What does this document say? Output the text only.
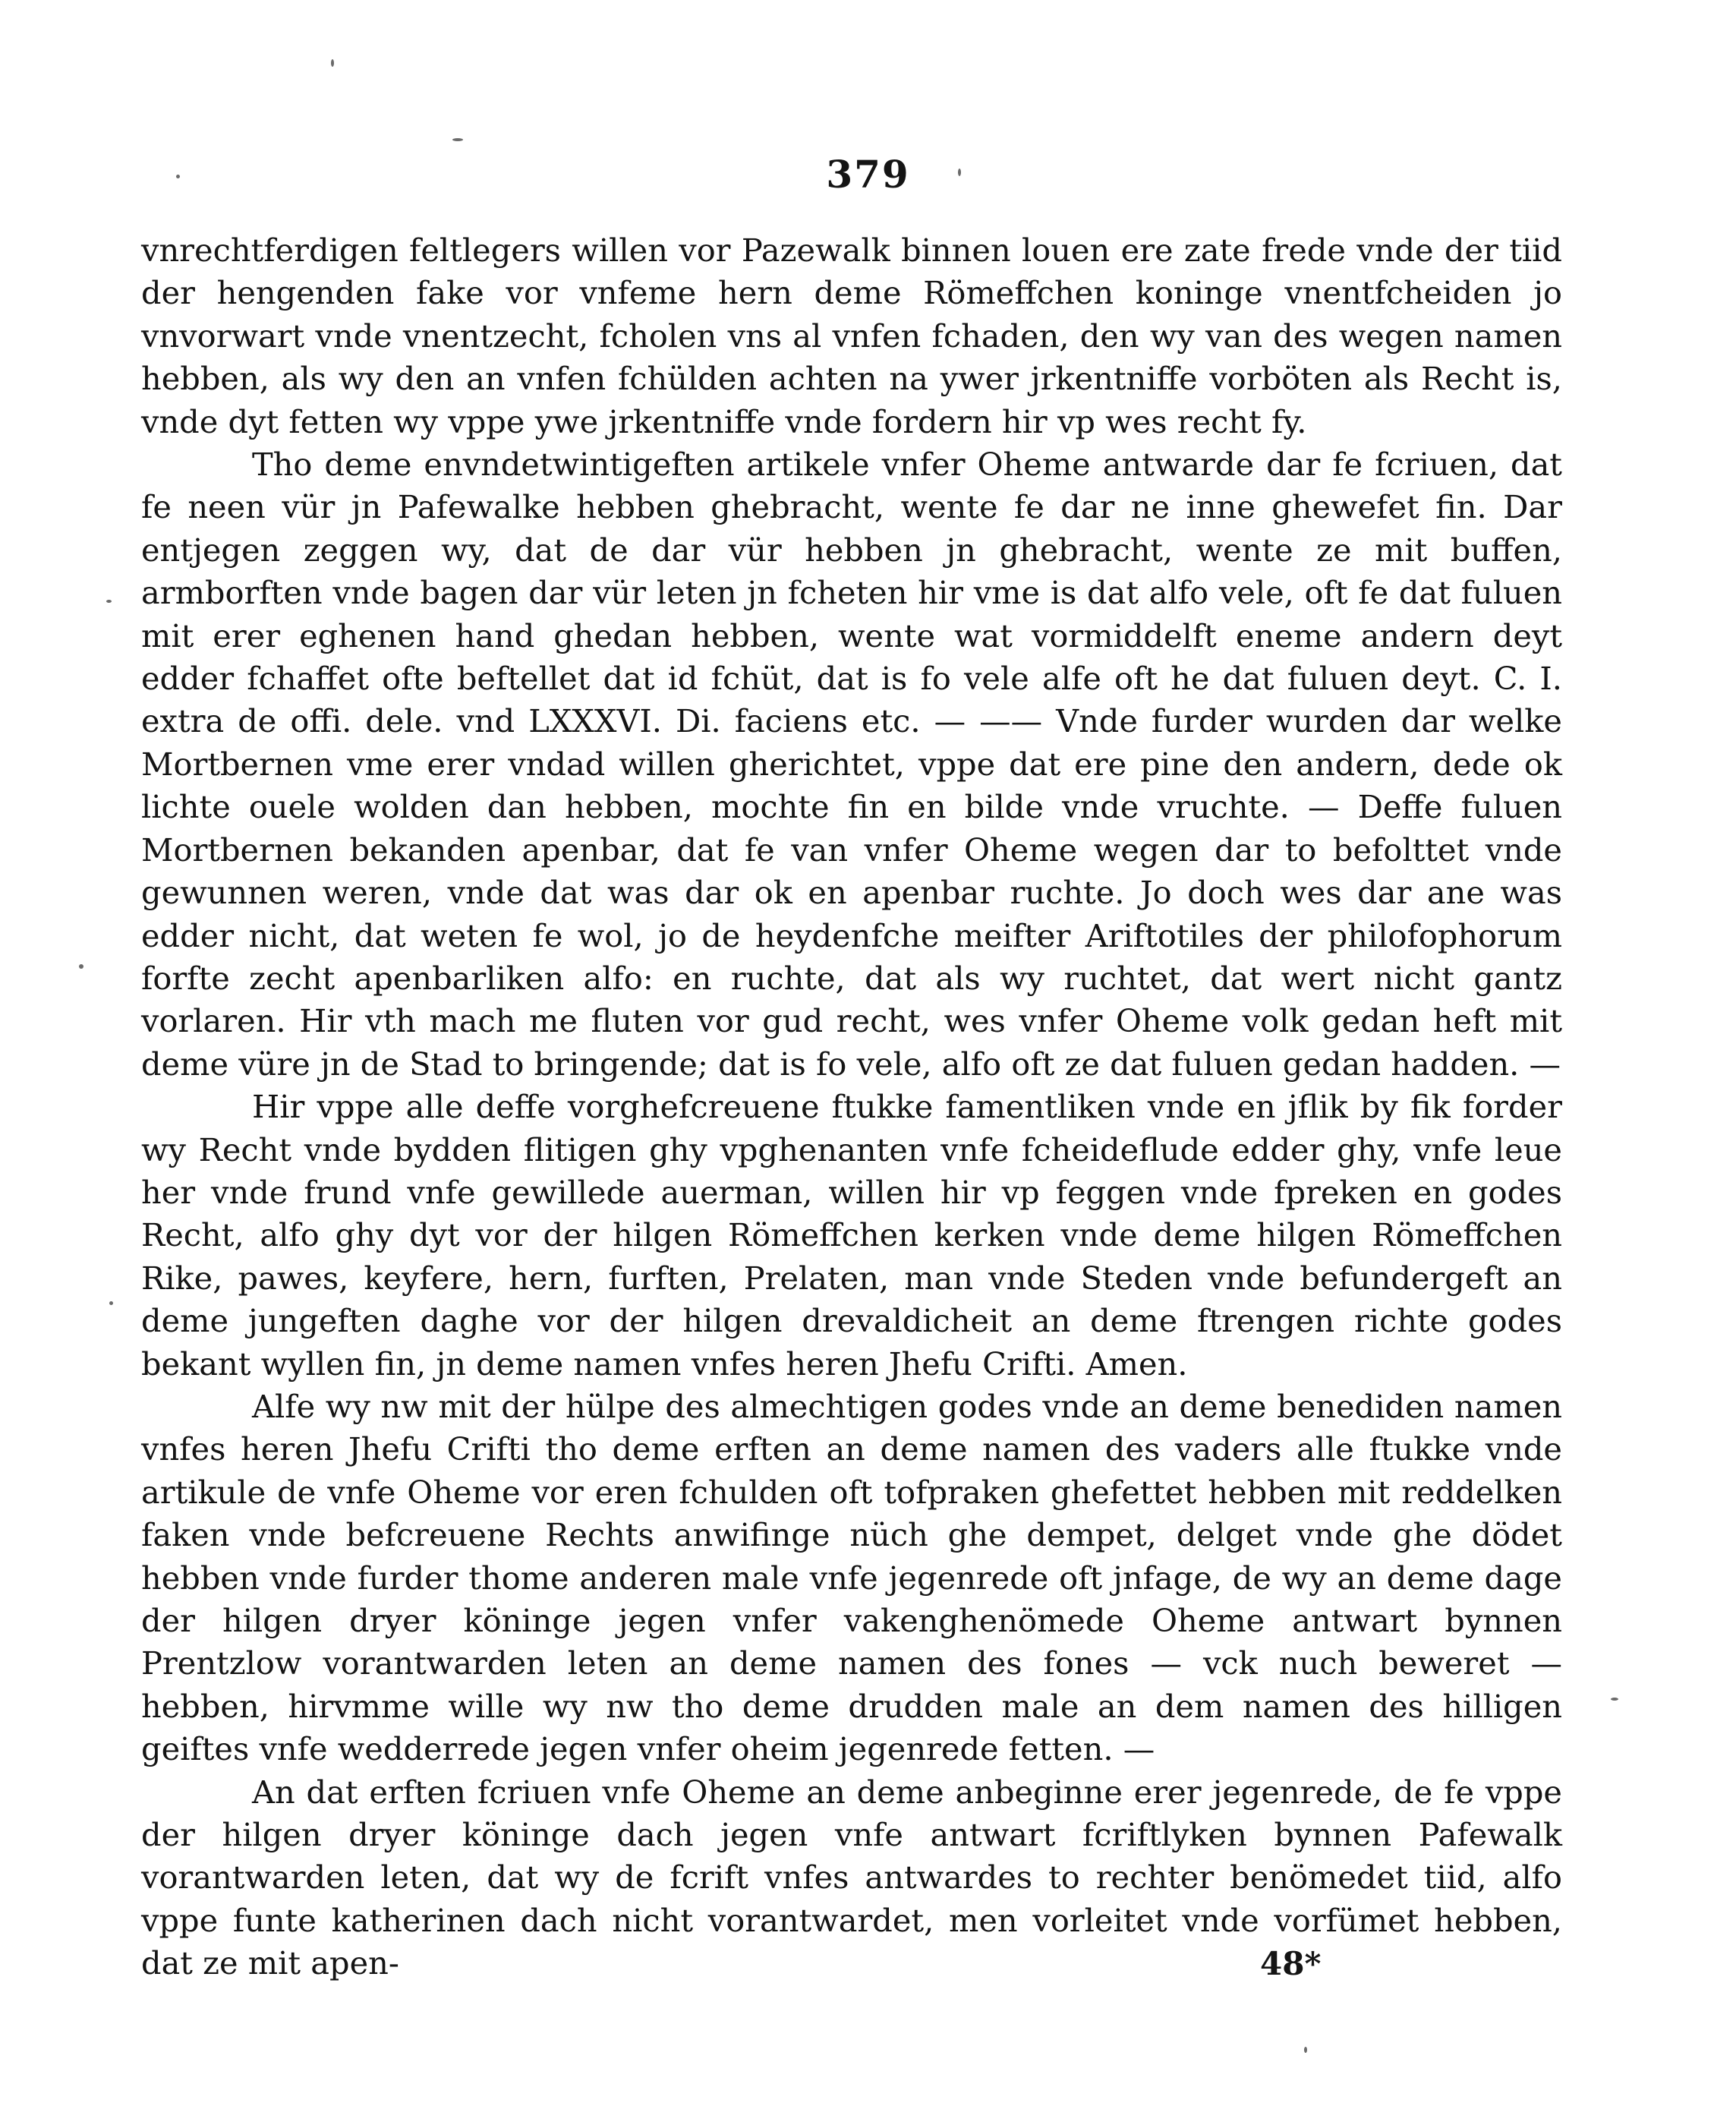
379

vnrechtferdigen feltlegers willen vor Pazewalk binnen louen ere zate frede vnde der tiid der hengenden fake vor vnfeme hern deme Römeffchen koninge vnentfcheiden jo vnvorwart vnde vnentzecht, fcholen vns al vnfen fchaden, den wy van des wegen namen hebben, als wy den an vnfen fchülden achten na ywer jrkentniffe vorböten als Recht is, vnde dyt fetten wy vppe ywe jrkentniffe vnde fordern hir vp wes recht fy.

Tho deme envndetwintigeften artikele vnfer Oheme antwarde dar fe fcriuen, dat fe neen vür jn Pafewalke hebben ghebracht, wente fe dar ne inne ghewefet fin. Dar entjegen zeggen wy, dat de dar vür hebben jn ghebracht, wente ze mit buffen, armborften vnde bagen dar vür leten jn fcheten hir vme is dat alfo vele, oft fe dat fuluen mit erer eghenen hand ghedan hebben, wente wat vormiddelft eneme andern deyt edder fchaffet ofte beftellet dat id fchüt, dat is fo vele alfe oft he dat fuluen deyt. C. I. extra de offi. dele. vnd LXXXVI. Di. faciens etc. — —— Vnde furder wurden dar welke Mortbernen vme erer vndad willen gherichtet, vppe dat ere pine den andern, dede ok lichte ouele wolden dan hebben, mochte fin en bilde vnde vruchte. — Deffe fuluen Mortbernen bekanden apenbar, dat fe van vnfer Oheme wegen dar to befolttet vnde gewunnen weren, vnde dat was dar ok en apenbar ruchte. Jo doch wes dar ane was edder nicht, dat weten fe wol, jo de heydenfche meifter Ariftotiles der philofophorum forfte zecht apenbarliken alfo: en ruchte, dat als wy ruchtet, dat wert nicht gantz vorlaren. Hir vth mach me fluten vor gud recht, wes vnfer Oheme volk gedan heft mit deme vüre jn de Stad to bringende; dat is fo vele, alfo oft ze dat fuluen gedan hadden. —

Hir vppe alle deffe vorghefcreuene ftukke famentliken vnde en jflik by fik forder wy Recht vnde bydden flitigen ghy vpghenanten vnfe fcheideflude edder ghy, vnfe leue her vnde frund vnfe gewillede auerman, willen hir vp feggen vnde fpreken en godes Recht, alfo ghy dyt vor der hilgen Römeffchen kerken vnde deme hilgen Römeffchen Rike, pawes, keyfere, hern, furften, Prelaten, man vnde Steden vnde befundergeft an deme jungeften daghe vor der hilgen drevaldicheit an deme ftrengen richte godes bekant wyllen fin, jn deme namen vnfes heren Jhefu Crifti. Amen.

Alfe wy nw mit der hülpe des almechtigen godes vnde an deme benediden namen vnfes heren Jhefu Crifti tho deme erften an deme namen des vaders alle ftukke vnde artikule de vnfe Oheme vor eren fchulden oft tofpraken ghefettet hebben mit reddelken faken vnde befcreuene Rechts anwifinge nüch ghe dempet, delget vnde ghe dödet hebben vnde furder thome anderen male vnfe jegenrede oft jnfage, de wy an deme dage der hilgen dryer köninge jegen vnfer vakenghenömede Oheme antwart bynnen Prentzlow vorantwarden leten an deme namen des fones — vck nuch beweret — hebben, hirvmme wille wy nw tho deme drudden male an dem namen des hilligen geiftes vnfe wedderrede jegen vnfer oheim jegenrede fetten. —

An dat erften fcriuen vnfe Oheme an deme anbeginne erer jegenrede, de fe vppe der hilgen dryer köninge dach jegen vnfe antwart fcriftlyken bynnen Pafewalk vorantwarden leten, dat wy de fcrift vnfes antwardes to rechter benömedet tiid, alfo vppe funte katherinen dach nicht vorantwardet, men vorleitet vnde vorfümet hebben, dat ze mit apen-	48*
